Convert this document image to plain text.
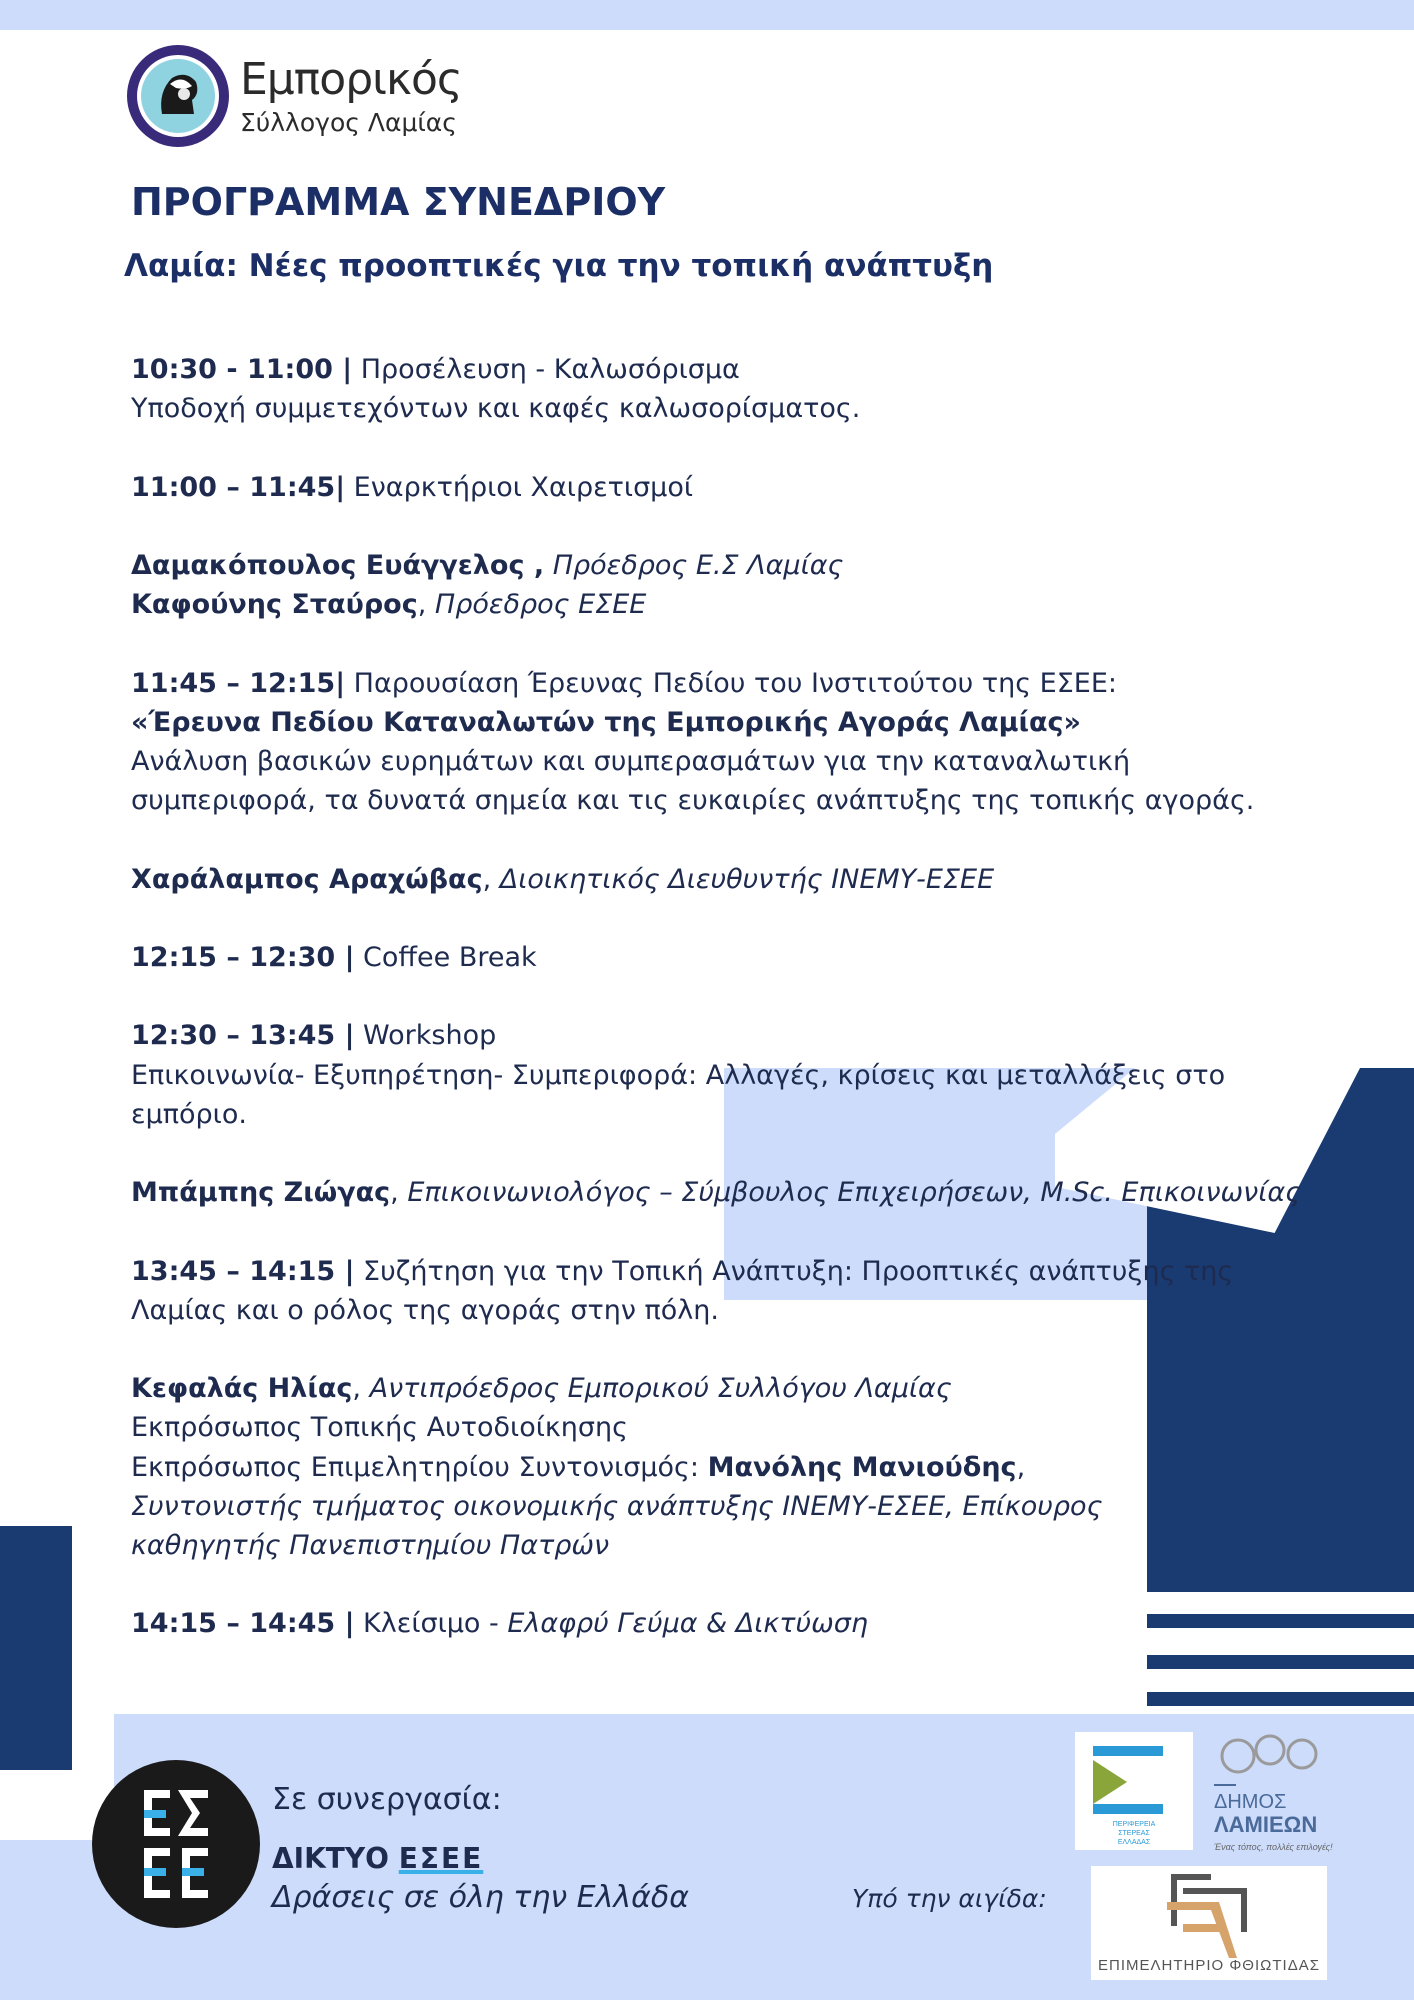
Εμπορικός
Σύλλογος Λαμίας
ΠΡΟΓΡΑΜΜΑ ΣΥΝΕΔΡΙΟΥ
Λαμία: Νέες προοπτικές για την τοπική ανάπτυξη
10:30 - 11:00 | Προσέλευση - Καλωσόρισμα
Υποδοχή συμμετεχόντων και καφές καλωσορίσματος.
11:00 – 11:45| Εναρκτήριοι Χαιρετισμοί
Δαμακόπουλος Ευάγγελος , Πρόεδρος Ε.Σ Λαμίας
Καφούνης Σταύρος, Πρόεδρος ΕΣΕΕ
11:45 – 12:15| Παρουσίαση Έρευνας Πεδίου του Ινστιτούτου της ΕΣΕΕ:
«Έρευνα Πεδίου Καταναλωτών της Εμπορικής Αγοράς Λαμίας»
Ανάλυση βασικών ευρημάτων και συμπερασμάτων για την καταναλωτική
συμπεριφορά, τα δυνατά σημεία και τις ευκαιρίες ανάπτυξης της τοπικής αγοράς.
Χαράλαμπος Αραχώβας, Διοικητικός Διευθυντής ΙΝΕΜΥ-ΕΣΕΕ
12:15 – 12:30 | Coffee Break
12:30 – 13:45 | Workshop
Επικοινωνία- Εξυπηρέτηση- Συμπεριφορά: Αλλαγές, κρίσεις και μεταλλάξεις στο
εμπόριο.
Μπάμπης Ζιώγας, Επικοινωνιολόγος – Σύμβουλος Επιχειρήσεων, M.Sc. Επικοινωνίας
13:45 – 14:15 | Συζήτηση για την Τοπική Ανάπτυξη: Προοπτικές ανάπτυξης της
Λαμίας και ο ρόλος της αγοράς στην πόλη.
Κεφαλάς Ηλίας, Αντιπρόεδρος Εμπορικού Συλλόγου Λαμίας
Εκπρόσωπος Τοπικής Αυτοδιοίκησης
Εκπρόσωπος Επιμελητηρίου Συντονισμός: Μανόλης Μανιούδης,
Συντονιστής τμήματος οικονομικής ανάπτυξης ΙΝΕΜΥ-ΕΣΕΕ, Επίκουρος
καθηγητής Πανεπιστημίου Πατρών
14:15 – 14:45 | Κλείσιμο - Ελαφρύ Γεύμα & Δικτύωση
Σε συνεργασία:
ΔΙΚΤΥΟ ΕΣΕΕ
Δράσεις σε όλη την Ελλάδα	Υπό την αιγίδα:
ΠΕΡΙΦΕΡΕΙΑ
ΣΤΕΡΕΑΣ
ΕΛΛΑΔΑΣ
ΔΗΜΟΣ
ΛΑΜΙΕΩΝ
Ένας τόπος, πολλές επιλογές!
ΕΠΙΜΕΛΗΤΗΡΙΟ ΦΘΙΩΤΙΔΑΣ
